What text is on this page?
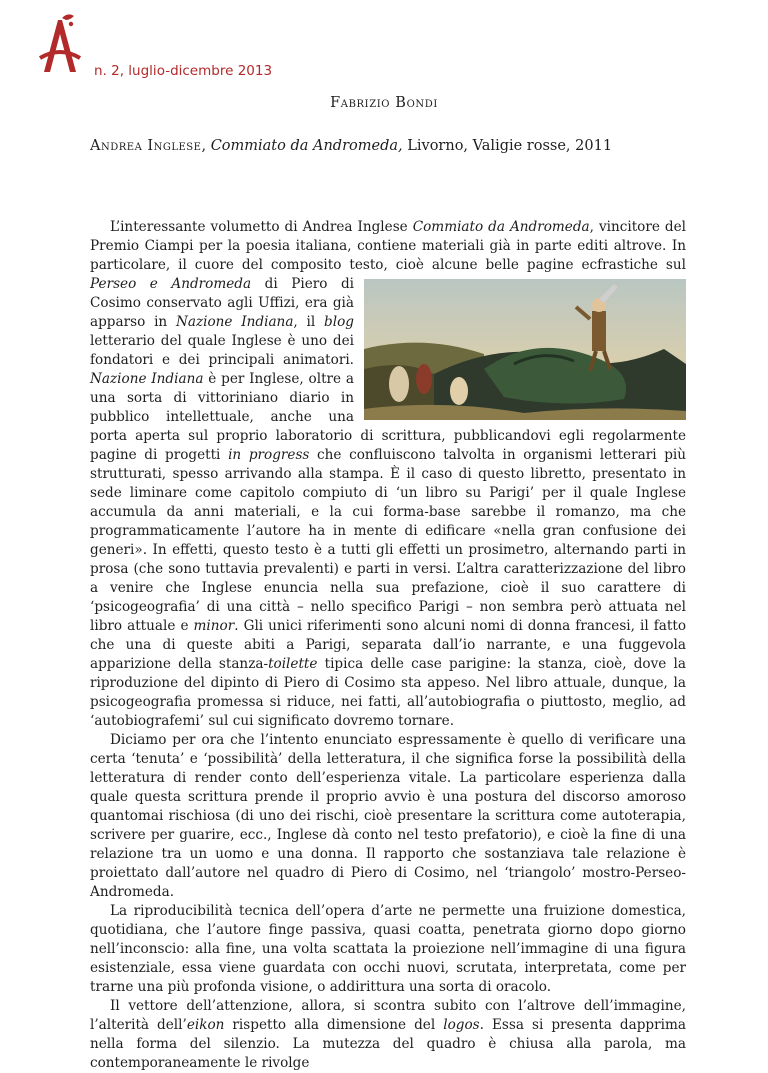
n. 2, luglio-dicembre 2013
Fabrizio Bondi
Andrea Inglese, Commiato da Andromeda, Livorno, Valigie rosse, 2011

L’interessante volumetto di Andrea Inglese Commiato da Andromeda, vincitore del Premio Ciampi per la poesia italiana, contiene materiali già in parte editi altrove. In particolare, il cuore del composito testo, cioè alcune belle pagine ecfrastiche sul
Perseo e Andromeda di Piero di Cosimo conservato agli Uffizi, era già apparso in Nazione Indiana, il blog letterario del quale Inglese è uno dei fondatori e dei principali animatori. Nazione Indiana è per Inglese, oltre a una sorta di vittoriniano diario in pubblico intellettuale, anche una porta aperta sul proprio laboratorio di scrittura, pubblicandovi egli regolarmente pagine di progetti in progress che confluiscono talvolta in organismi letterari più strutturati, spesso arrivando alla stampa. È il caso di questo libretto, presentato in sede liminare come capitolo compiuto di ‘un libro su Parigi’ per il quale Inglese accumula da anni materiali, e la cui forma-base sarebbe il romanzo, ma che programmaticamente l’autore ha in mente di edificare «nella gran confusione dei generi». In effetti, questo testo è a tutti gli effetti un prosimetro, alternando parti in prosa (che sono tuttavia prevalenti) e parti in versi. L’altra caratterizzazione del libro a venire che Inglese enuncia nella sua prefazione, cioè il suo carattere di ‘psicogeografia’ di una città – nello specifico Parigi – non sembra però attuata nel libro attuale e minor. Gli unici riferimenti sono alcuni nomi di donna francesi, il fatto che una di queste abiti a Parigi, separata dall’io narrante, e una fuggevola apparizione della stanza-toilette tipica delle case parigine: la stanza, cioè, dove la riproduzione del dipinto di Piero di Cosimo sta appeso. Nel libro attuale, dunque, la psicogeografia promessa si riduce, nei fatti, all’autobiografia o piuttosto, meglio, ad ‘autobiografemi’ sul cui significato dovremo tornare.

Diciamo per ora che l’intento enunciato espressamente è quello di verificare una certa ‘tenuta’ e ‘possibilità’ della letteratura, il che significa forse la possibilità della letteratura di render conto dell’esperienza vitale. La particolare esperienza dalla quale questa scrittura prende il proprio avvio è una postura del discorso amoroso quantomai rischiosa (di uno dei rischi, cioè presentare la scrittura come autoterapia, scrivere per guarire, ecc., Inglese dà conto nel testo prefatorio), e cioè la fine di una relazione tra un uomo e una donna. Il rapporto che sostanziava tale relazione è proiettato dall’autore nel quadro di Piero di Cosimo, nel ‘triangolo’ mostro-Perseo-Andromeda.

La riproducibilità tecnica dell’opera d’arte ne permette una fruizione domestica, quotidiana, che l’autore finge passiva, quasi coatta, penetrata giorno dopo giorno nell’inconscio: alla fine, una volta scattata la proiezione nell’immagine di una figura esistenziale, essa viene guardata con occhi nuovi, scrutata, interpretata, come per trarne una più profonda visione, o addirittura una sorta di oracolo.

Il vettore dell’attenzione, allora, si scontra subito con l’altrove dell’immagine, l’alterità dell’eikon rispetto alla dimensione del logos. Essa si presenta dapprima nella forma del silenzio. La mutezza del quadro è chiusa alla parola, ma contemporaneamente le rivolge
